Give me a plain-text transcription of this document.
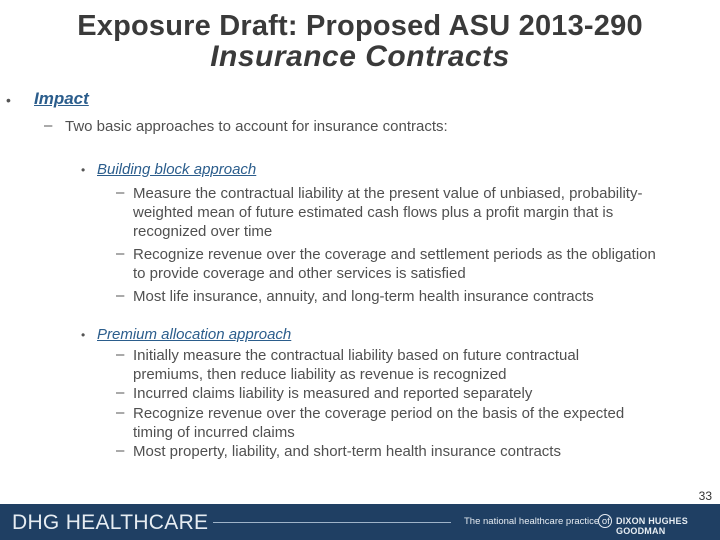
Exposure Draft: Proposed ASU 2013-290
Insurance Contracts
• Impact
– Two basic approaches to account for insurance contracts:
• Building block approach
– Measure the contractual liability at the present value of unbiased, probability-
weighted mean of future estimated cash flows plus a profit margin that is
recognized over time
– Recognize revenue over the coverage and settlement periods as the obligation
to provide coverage and other services is satisfied
– Most life insurance, annuity, and long-term health insurance contracts
• Premium allocation approach
– Initially measure the contractual liability based on future contractual
premiums, then reduce liability as revenue is recognized
– Incurred claims liability is measured and reported separately
– Recognize revenue over the coverage period on the basis of the expected
timing of incurred claims
– Most property, liability, and short-term health insurance contracts
33
DHG HEALTHCARE	The national healthcare practice of DIXON HUGHES GOODMAN
